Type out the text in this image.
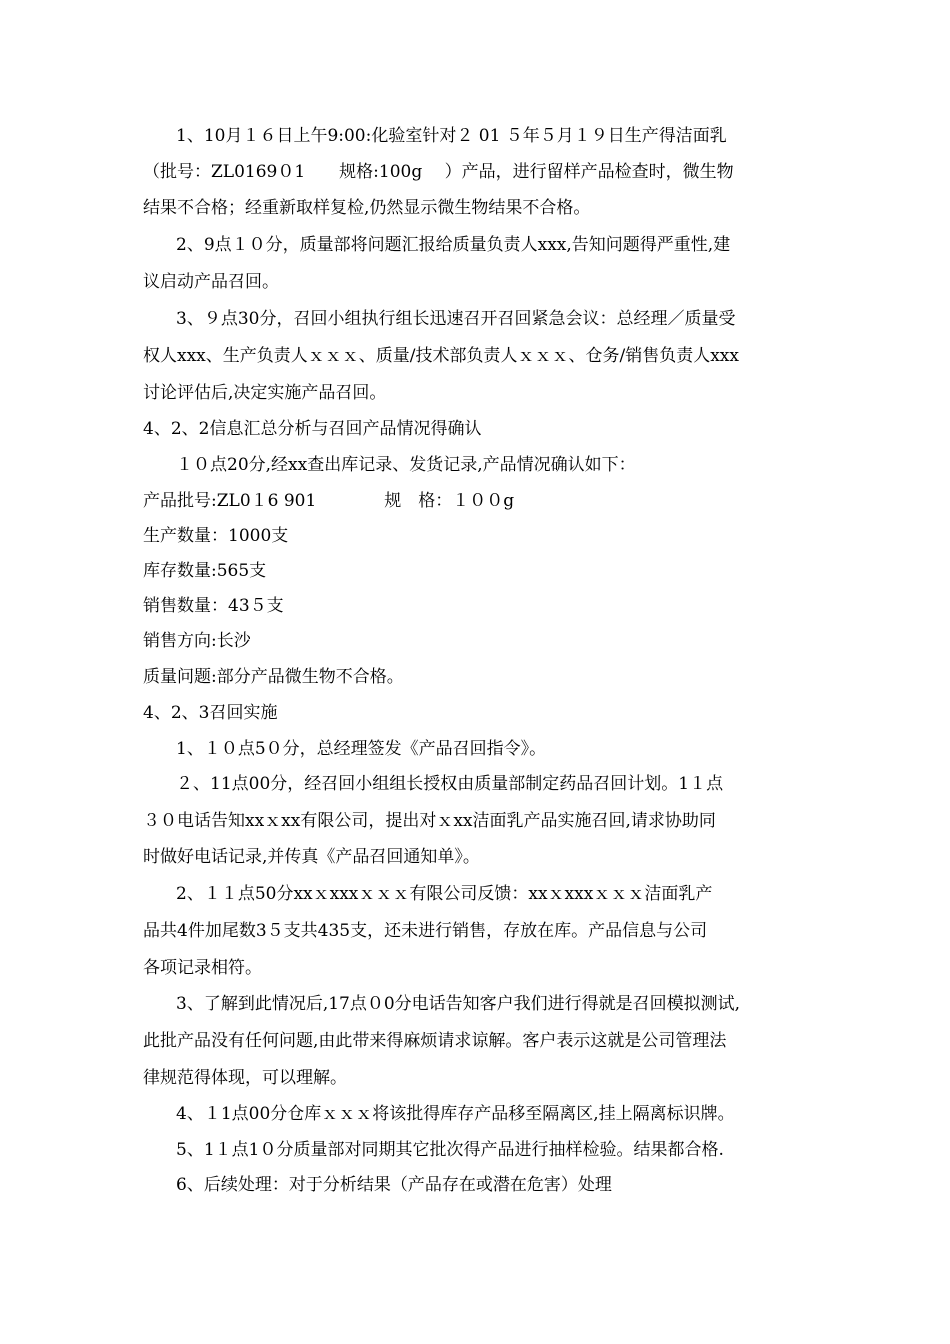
1、10月１６日上午9:00:化验室针对２ 01 ５年５月１９日生产得洁面乳
（批号：ZL0169０1　　规格:100g　 ）产品，进行留样产品检查时，微生物
结果不合格；经重新取样复检,仍然显示微生物结果不合格。
2、9点１０分，质量部将问题汇报给质量负责人xxx,告知问题得严重性,建
议启动产品召回。
3、９点30分，召回小组执行组长迅速召开召回紧急会议：总经理／质量受
权人xxx、生产负责人ｘｘｘ、质量/技术部负责人ｘｘｘ、仓务/销售负责人xxx
讨论评估后,决定实施产品召回。
4、2、2信息汇总分析与召回产品情况得确认
１０点20分,经xx查出库记录、发货记录,产品情况确认如下：
产品批号:ZL0１6 901　　　　规　格：１００g
生产数量：1000支
库存数量:565支
销售数量：43５支
销售方向:长沙
质量问题:部分产品微生物不合格。
4、2、3召回实施
1、１０点5０分，总经理签发《产品召回指令》。
２、11点00分，经召回小组组长授权由质量部制定药品召回计划。1１点
３０电话告知xxｘxx有限公司，提出对ｘxx洁面乳产品实施召回,请求协助同
时做好电话记录,并传真《产品召回通知单》。
2、１１点50分xxｘxxxｘｘｘ有限公司反馈：xxｘxxxｘｘｘ洁面乳产
品共4件加尾数3５支共435支，还未进行销售，存放在库。产品信息与公司
各项记录相符。
3、了解到此情况后,17点０0分电话告知客户我们进行得就是召回模拟测试,
此批产品没有任何问题,由此带来得麻烦请求谅解。客户表示这就是公司管理法
律规范得体现，可以理解。
4、１1点00分仓库ｘｘｘ将该批得库存产品移至隔离区,挂上隔离标识牌。
5、1１点1０分质量部对同期其它批次得产品进行抽样检验。结果都合格.
6、后续处理：对于分析结果（产品存在或潜在危害）处理
